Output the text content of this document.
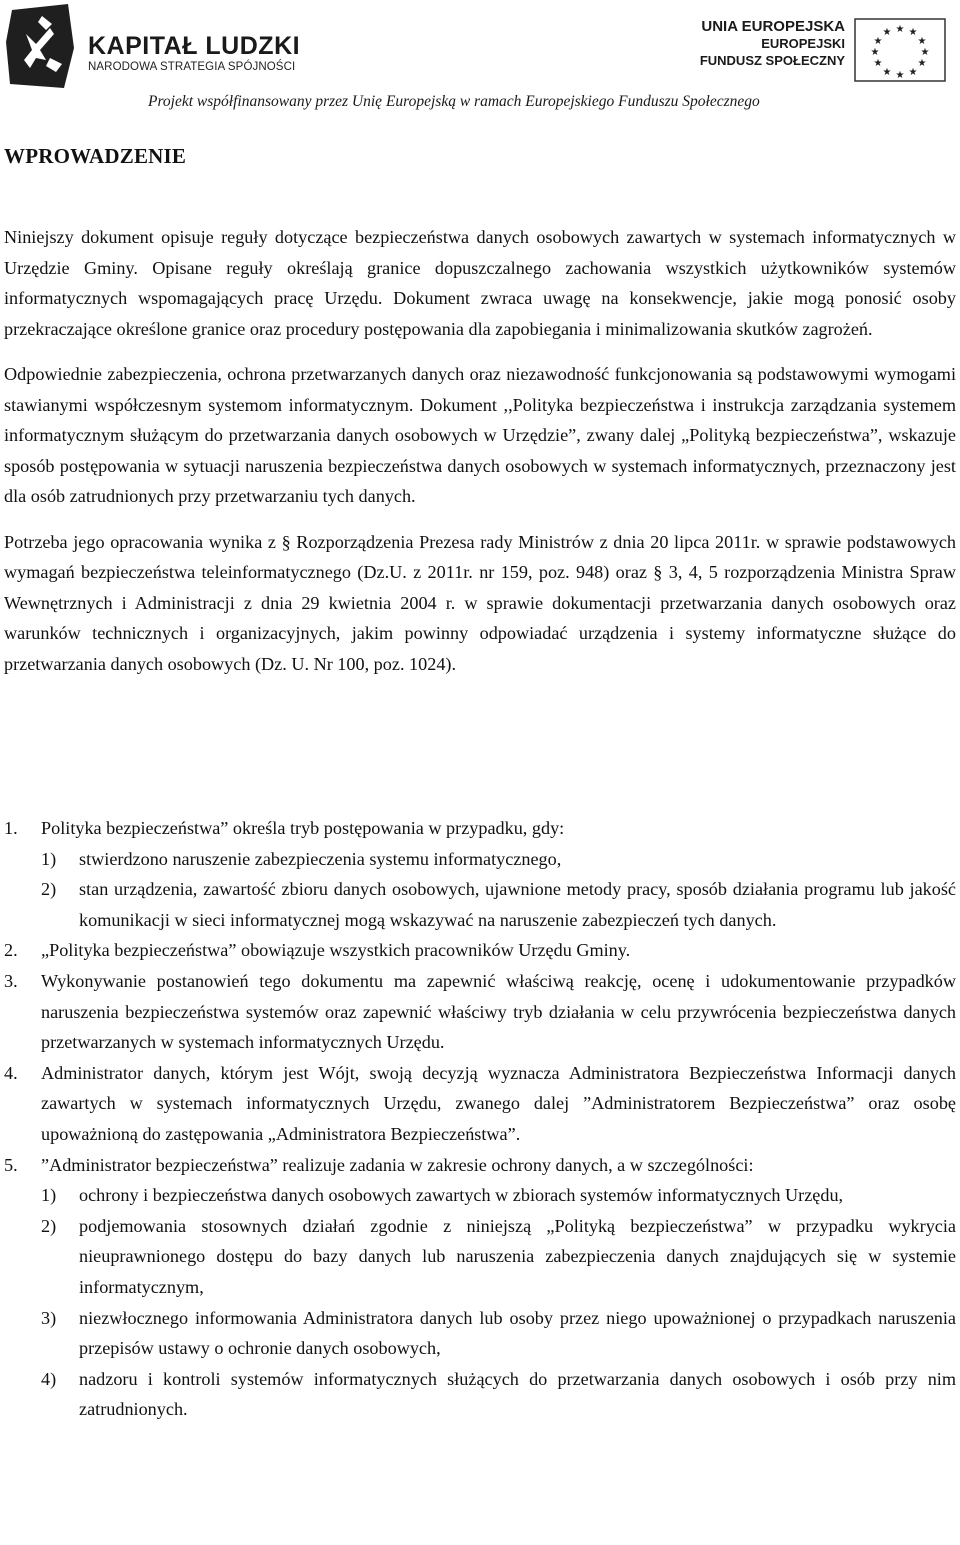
KAPITAŁ LUDZKI
NARODOWA STRATEGIA SPÓJNOŚCI
UNIA EUROPEJSKA
EUROPEJSKI
FUNDUSZ SPOŁECZNY
★ ★
★
★
★
★
★
★
★
★
★
★
Projekt współfinansowany przez Unię Europejską w ramach Europejskiego Funduszu Społecznego
WPROWADZENIE

Niniejszy dokument opisuje reguły dotyczące bezpieczeństwa danych osobowych zawartych w systemach informatycznych w Urzędzie Gminy. Opisane reguły określają granice dopuszczalnego zachowania wszystkich użytkowników systemów informatycznych wspomagających pracę Urzędu. Dokument zwraca uwagę na konsekwencje, jakie mogą ponosić osoby przekraczające określone granice oraz procedury postępowania dla zapobiegania i minimalizowania skutków zagrożeń.

Odpowiednie zabezpieczenia, ochrona przetwarzanych danych oraz niezawodność funkcjonowania są podstawowymi wymogami stawianymi współczesnym systemom informatycznym. Dokument ,,Polityka bezpieczeństwa i instrukcja zarządzania systemem informatycznym służącym do przetwarzania danych osobowych w Urzędzie”, zwany dalej „Polityką bezpieczeństwa”, wskazuje sposób postępowania w sytuacji naruszenia bezpieczeństwa danych osobowych w systemach informatycznych, przeznaczony jest dla osób zatrudnionych przy przetwarzaniu tych danych.

Potrzeba jego opracowania wynika z § Rozporządzenia Prezesa rady Ministrów z dnia 20 lipca 2011r. w sprawie podstawowych wymagań bezpieczeństwa teleinformatycznego (Dz.U. z 2011r. nr 159, poz. 948) oraz § 3, 4, 5 rozporządzenia Ministra Spraw Wewnętrznych i Administracji z dnia 29 kwietnia 2004 r. w sprawie dokumentacji przetwarzania danych osobowych oraz warunków technicznych i organizacyjnych, jakim powinny odpowiadać urządzenia i systemy informatyczne służące do przetwarzania danych osobowych (Dz. U. Nr 100, poz. 1024).

1. Polityka bezpieczeństwa” określa tryb postępowania w przypadku, gdy:
1) stwierdzono naruszenie zabezpieczenia systemu informatycznego,
2) stan urządzenia, zawartość zbioru danych osobowych, ujawnione metody pracy, sposób działania programu lub jakość komunikacji w sieci informatycznej mogą wskazywać na naruszenie zabezpieczeń tych danych.
2. „Polityka bezpieczeństwa” obowiązuje wszystkich pracowników Urzędu Gminy.
3. Wykonywanie postanowień tego dokumentu ma zapewnić właściwą reakcję, ocenę i udokumentowanie przypadków naruszenia bezpieczeństwa systemów oraz zapewnić właściwy tryb działania w celu przywrócenia bezpieczeństwa danych przetwarzanych w systemach informatycznych Urzędu.
4. Administrator danych, którym jest Wójt, swoją decyzją wyznacza Administratora Bezpieczeństwa Informacji danych zawartych w systemach informatycznych Urzędu, zwanego dalej ”Administratorem Bezpieczeństwa” oraz osobę upoważnioną do zastępowania „Administratora Bezpieczeństwa”.
5. ”Administrator bezpieczeństwa” realizuje zadania w zakresie ochrony danych, a w szczególności:
1) ochrony i bezpieczeństwa danych osobowych zawartych w zbiorach systemów informatycznych Urzędu,
2) podjemowania stosownych działań zgodnie z niniejszą „Polityką bezpieczeństwa” w przypadku wykrycia nieuprawnionego dostępu do bazy danych lub naruszenia zabezpieczenia danych znajdujących się w systemie informatycznym,
3) niezwłocznego informowania Administratora danych lub osoby przez niego upoważnionej o przypadkach naruszenia przepisów ustawy o ochronie danych osobowych,
4) nadzoru i kontroli systemów informatycznych służących do przetwarzania danych osobowych i osób przy nim zatrudnionych.
